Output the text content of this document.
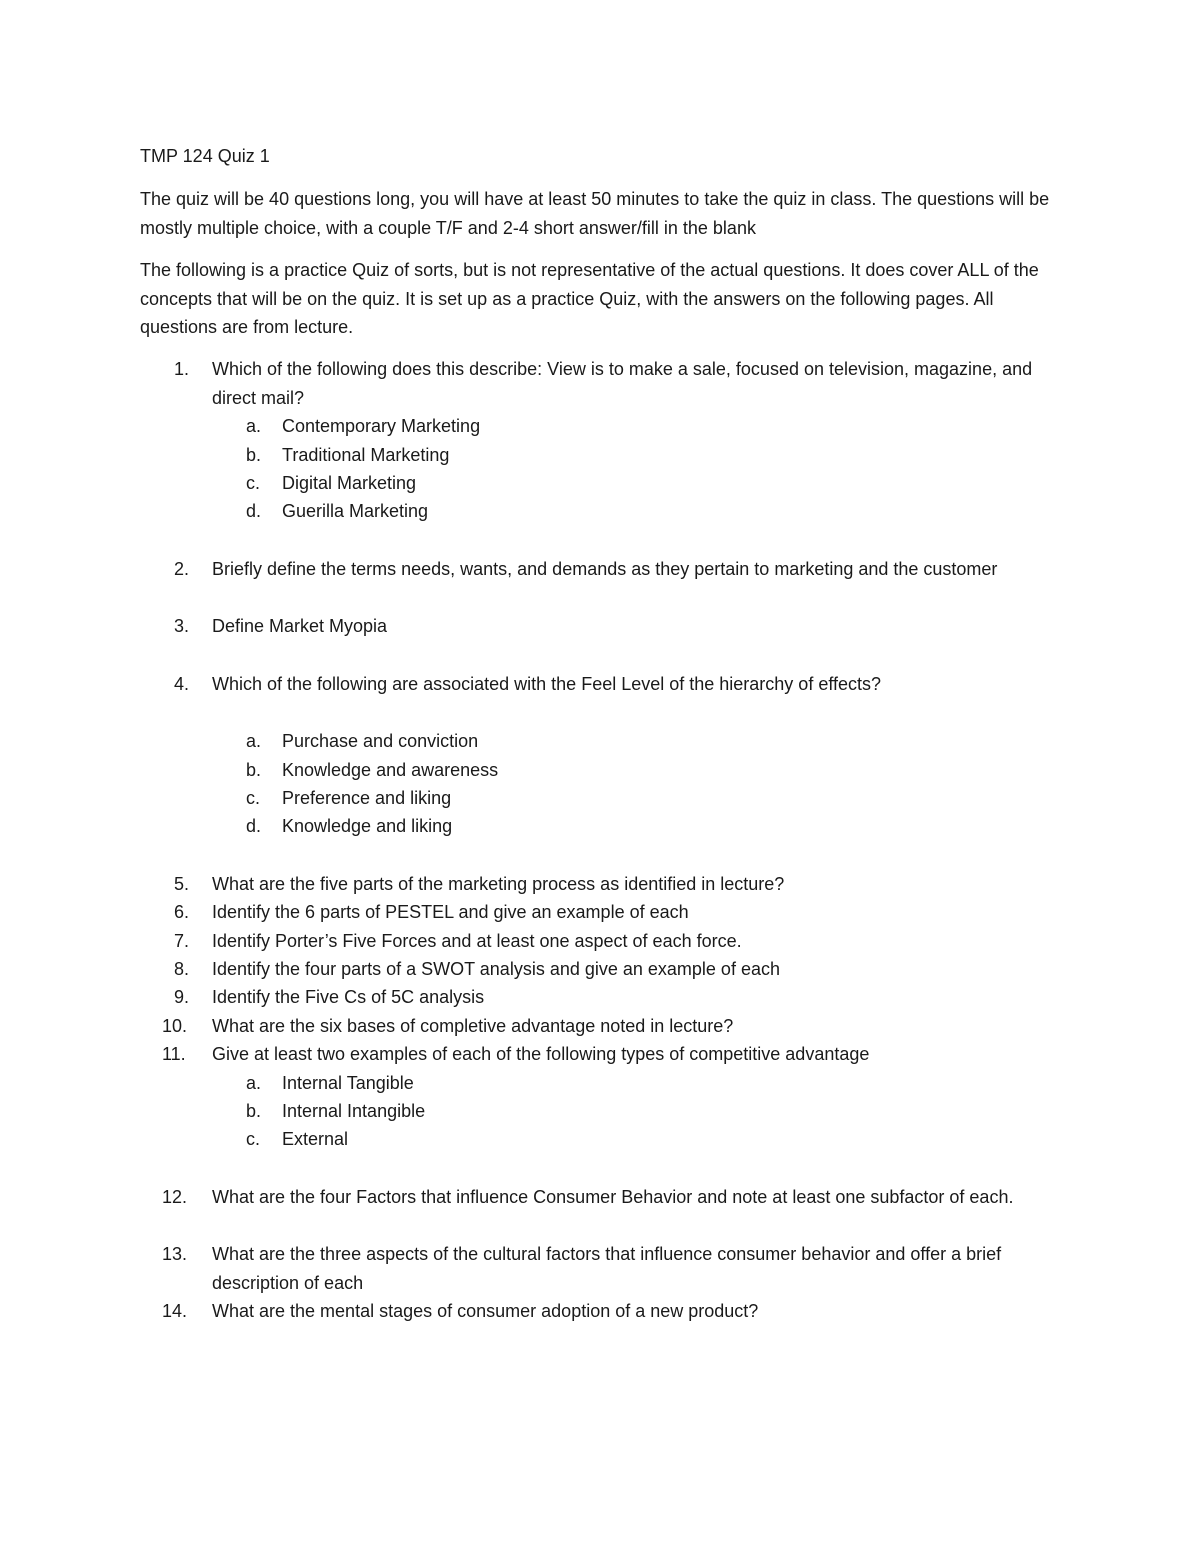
TMP 124 Quiz 1

The quiz will be 40 questions long, you will have at least 50 minutes to take the quiz in class. The questions will be mostly multiple choice, with a couple T/F and 2-4 short answer/fill in the blank

The following is a practice Quiz of sorts, but is not representative of the actual questions. It does cover ALL of the concepts that will be on the quiz. It is set up as a practice Quiz, with the answers on the following pages. All questions are from lecture.

1. Which of the following does this describe: View is to make a sale, focused on television, magazine, and direct mail?
a. Contemporary Marketing
b. Traditional Marketing
c. Digital Marketing
d. Guerilla Marketing
2. Briefly define the terms needs, wants, and demands as they pertain to marketing and the customer
3. Define Market Myopia
4. Which of the following are associated with the Feel Level of the hierarchy of effects?
a. Purchase and conviction
b. Knowledge and awareness
c. Preference and liking
d. Knowledge and liking
5. What are the five parts of the marketing process as identified in lecture?
6. Identify the 6 parts of PESTEL and give an example of each
7. Identify Porter’s Five Forces and at least one aspect of each force.
8. Identify the four parts of a SWOT analysis and give an example of each
9. Identify the Five Cs of 5C analysis
10. What are the six bases of completive advantage noted in lecture?
11. Give at least two examples of each of the following types of competitive advantage
a. Internal Tangible
b. Internal Intangible
c. External
12. What are the four Factors that influence Consumer Behavior and note at least one subfactor of each.
13. What are the three aspects of the cultural factors that influence consumer behavior and offer a brief description of each
14. What are the mental stages of consumer adoption of a new product?
